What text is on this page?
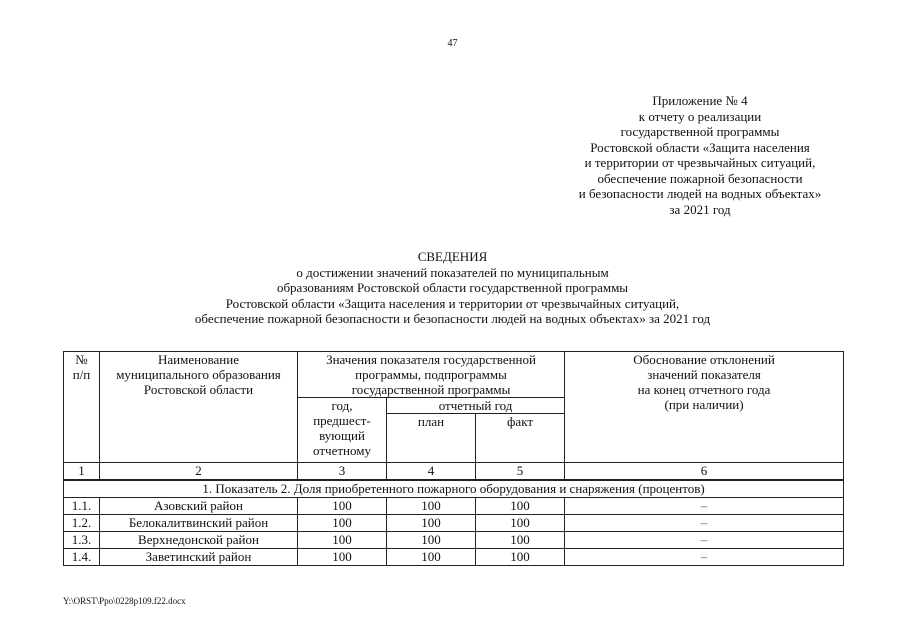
47
Приложение № 4
к отчету о реализации
государственной программы
Ростовской области «Защита населения
и территории от чрезвычайных ситуаций,
обеспечение пожарной безопасности
и безопасности людей на водных объектах»
за 2021 год
СВЕДЕНИЯ
о достижении значений показателей по муниципальным
образованиям Ростовской области государственной программы
Ростовской области «Защита населения и территории от чрезвычайных ситуаций,
обеспечение пожарной безопасности и безопасности людей на водных объектах» за 2021 год
№
п/п	Наименование
муниципального образования
Ростовской области	Значения показателя государственной
программы, подпрограммы
государственной программы			Обоснование отклонений
значений показателя
на конец отчетного года
(при наличии)
		год,
предшест-
вующий
отчетному	отчетный год		
			план	факт	
1	2	3	4	5	6
1. Показатель 2. Доля приобретенного пожарного оборудования и снаряжения (процентов)					
1.1.	Азовский район	100	100	100	–
1.2.	Белокалитвинский район	100	100	100	–
1.3.	Верхнедонской район	100	100	100	–
1.4.	Заветинский район	100	100	100	–
Y:\ORST\Ppo\0228p109.f22.docx
